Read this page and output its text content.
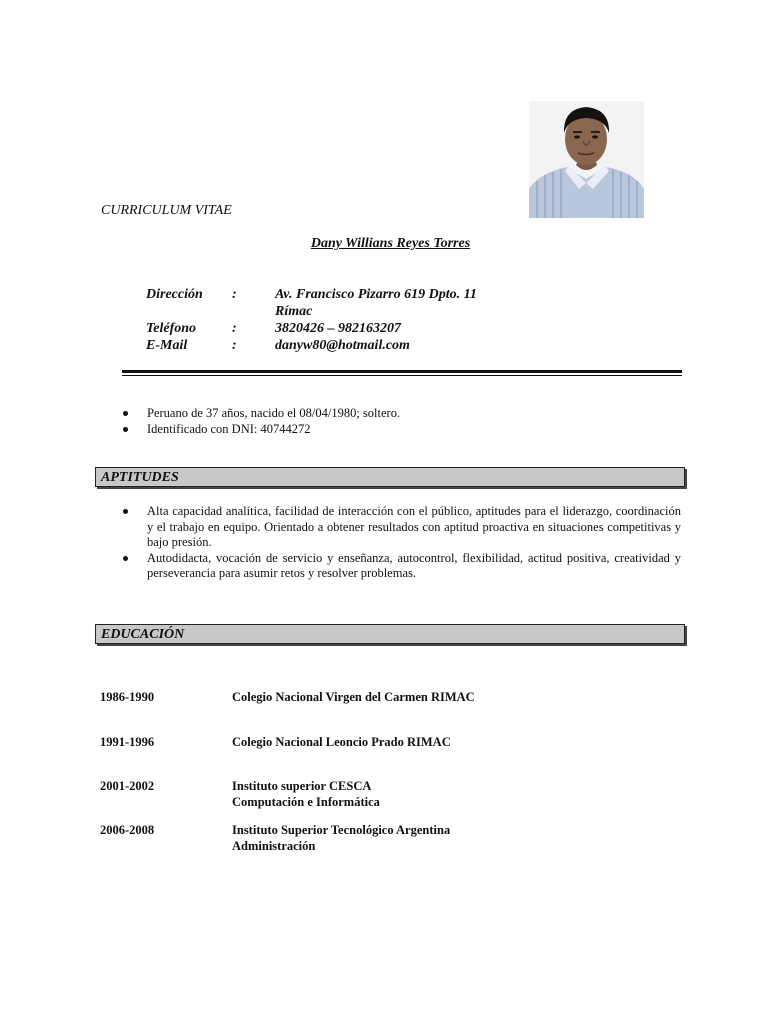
CURRICULUM VITAE
Dany Willians Reyes Torres
Dirección :	Av. Francisco Pizarro 619 Dpto. 11
Rímac
Teléfono	:	3820426 – 982163207
E-Mail	:	danyw80@hotmail.com
Peruano de 37 años, nacido el 08/04/1980; soltero.
Identificado con DNI: 40744272
APTITUDES
Alta capacidad analítica, facilidad de interacción con el público, aptitudes para el liderazgo, coordinación y el trabajo en equipo. Orientado a obtener resultados con aptitud proactiva en situaciones competitivas y bajo presión.
Autodidacta, vocación de servicio y enseñanza, autocontrol, flexibilidad, actitud positiva, creatividad y perseverancia para asumir retos y resolver problemas.
EDUCACIÓN
1986-1990	Colegio Nacional Virgen del Carmen RIMAC
1991-1996	Colegio Nacional Leoncio Prado RIMAC
2001-2002	Instituto superior CESCA
Computación e Informática
2006-2008	Instituto Superior Tecnológico Argentina
Administración
